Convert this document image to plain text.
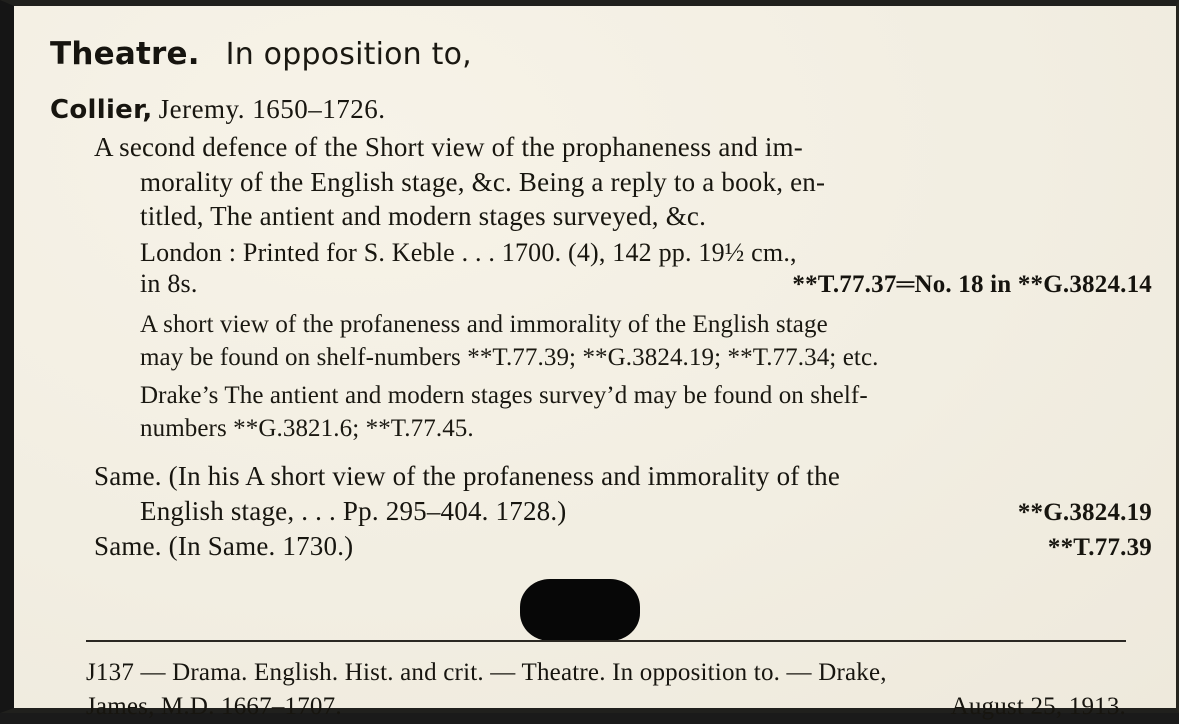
Theatre. In opposition to,
Collier, Jeremy. 1650–1726.
A second defence of the Short view of the prophaneness and im-
morality of the English stage, &c. Being a reply to a book, en-
titled, The antient and modern stages surveyed, &c.
London : Printed for S. Keble . . . 1700. (4), 142 pp. 19½ cm.,
in 8s.	**T.77.37═No. 18 in **G.3824.14
A short view of the profaneness and immorality of the English stage
may be found on shelf-numbers **T.77.39; **G.3824.19; **T.77.34; etc.
Drake’s The antient and modern stages survey’d may be found on shelf-
numbers **G.3821.6; **T.77.45.
Same. (In his A short view of the profaneness and immorality of the
English stage, . . . Pp. 295–404. 1728.)	**G.3824.19
Same. (In Same. 1730.)	**T.77.39
J137 — Drama. English. Hist. and crit. — Theatre. In opposition to. — Drake,
James, M.D. 1667–1707.	August 25, 1913.
